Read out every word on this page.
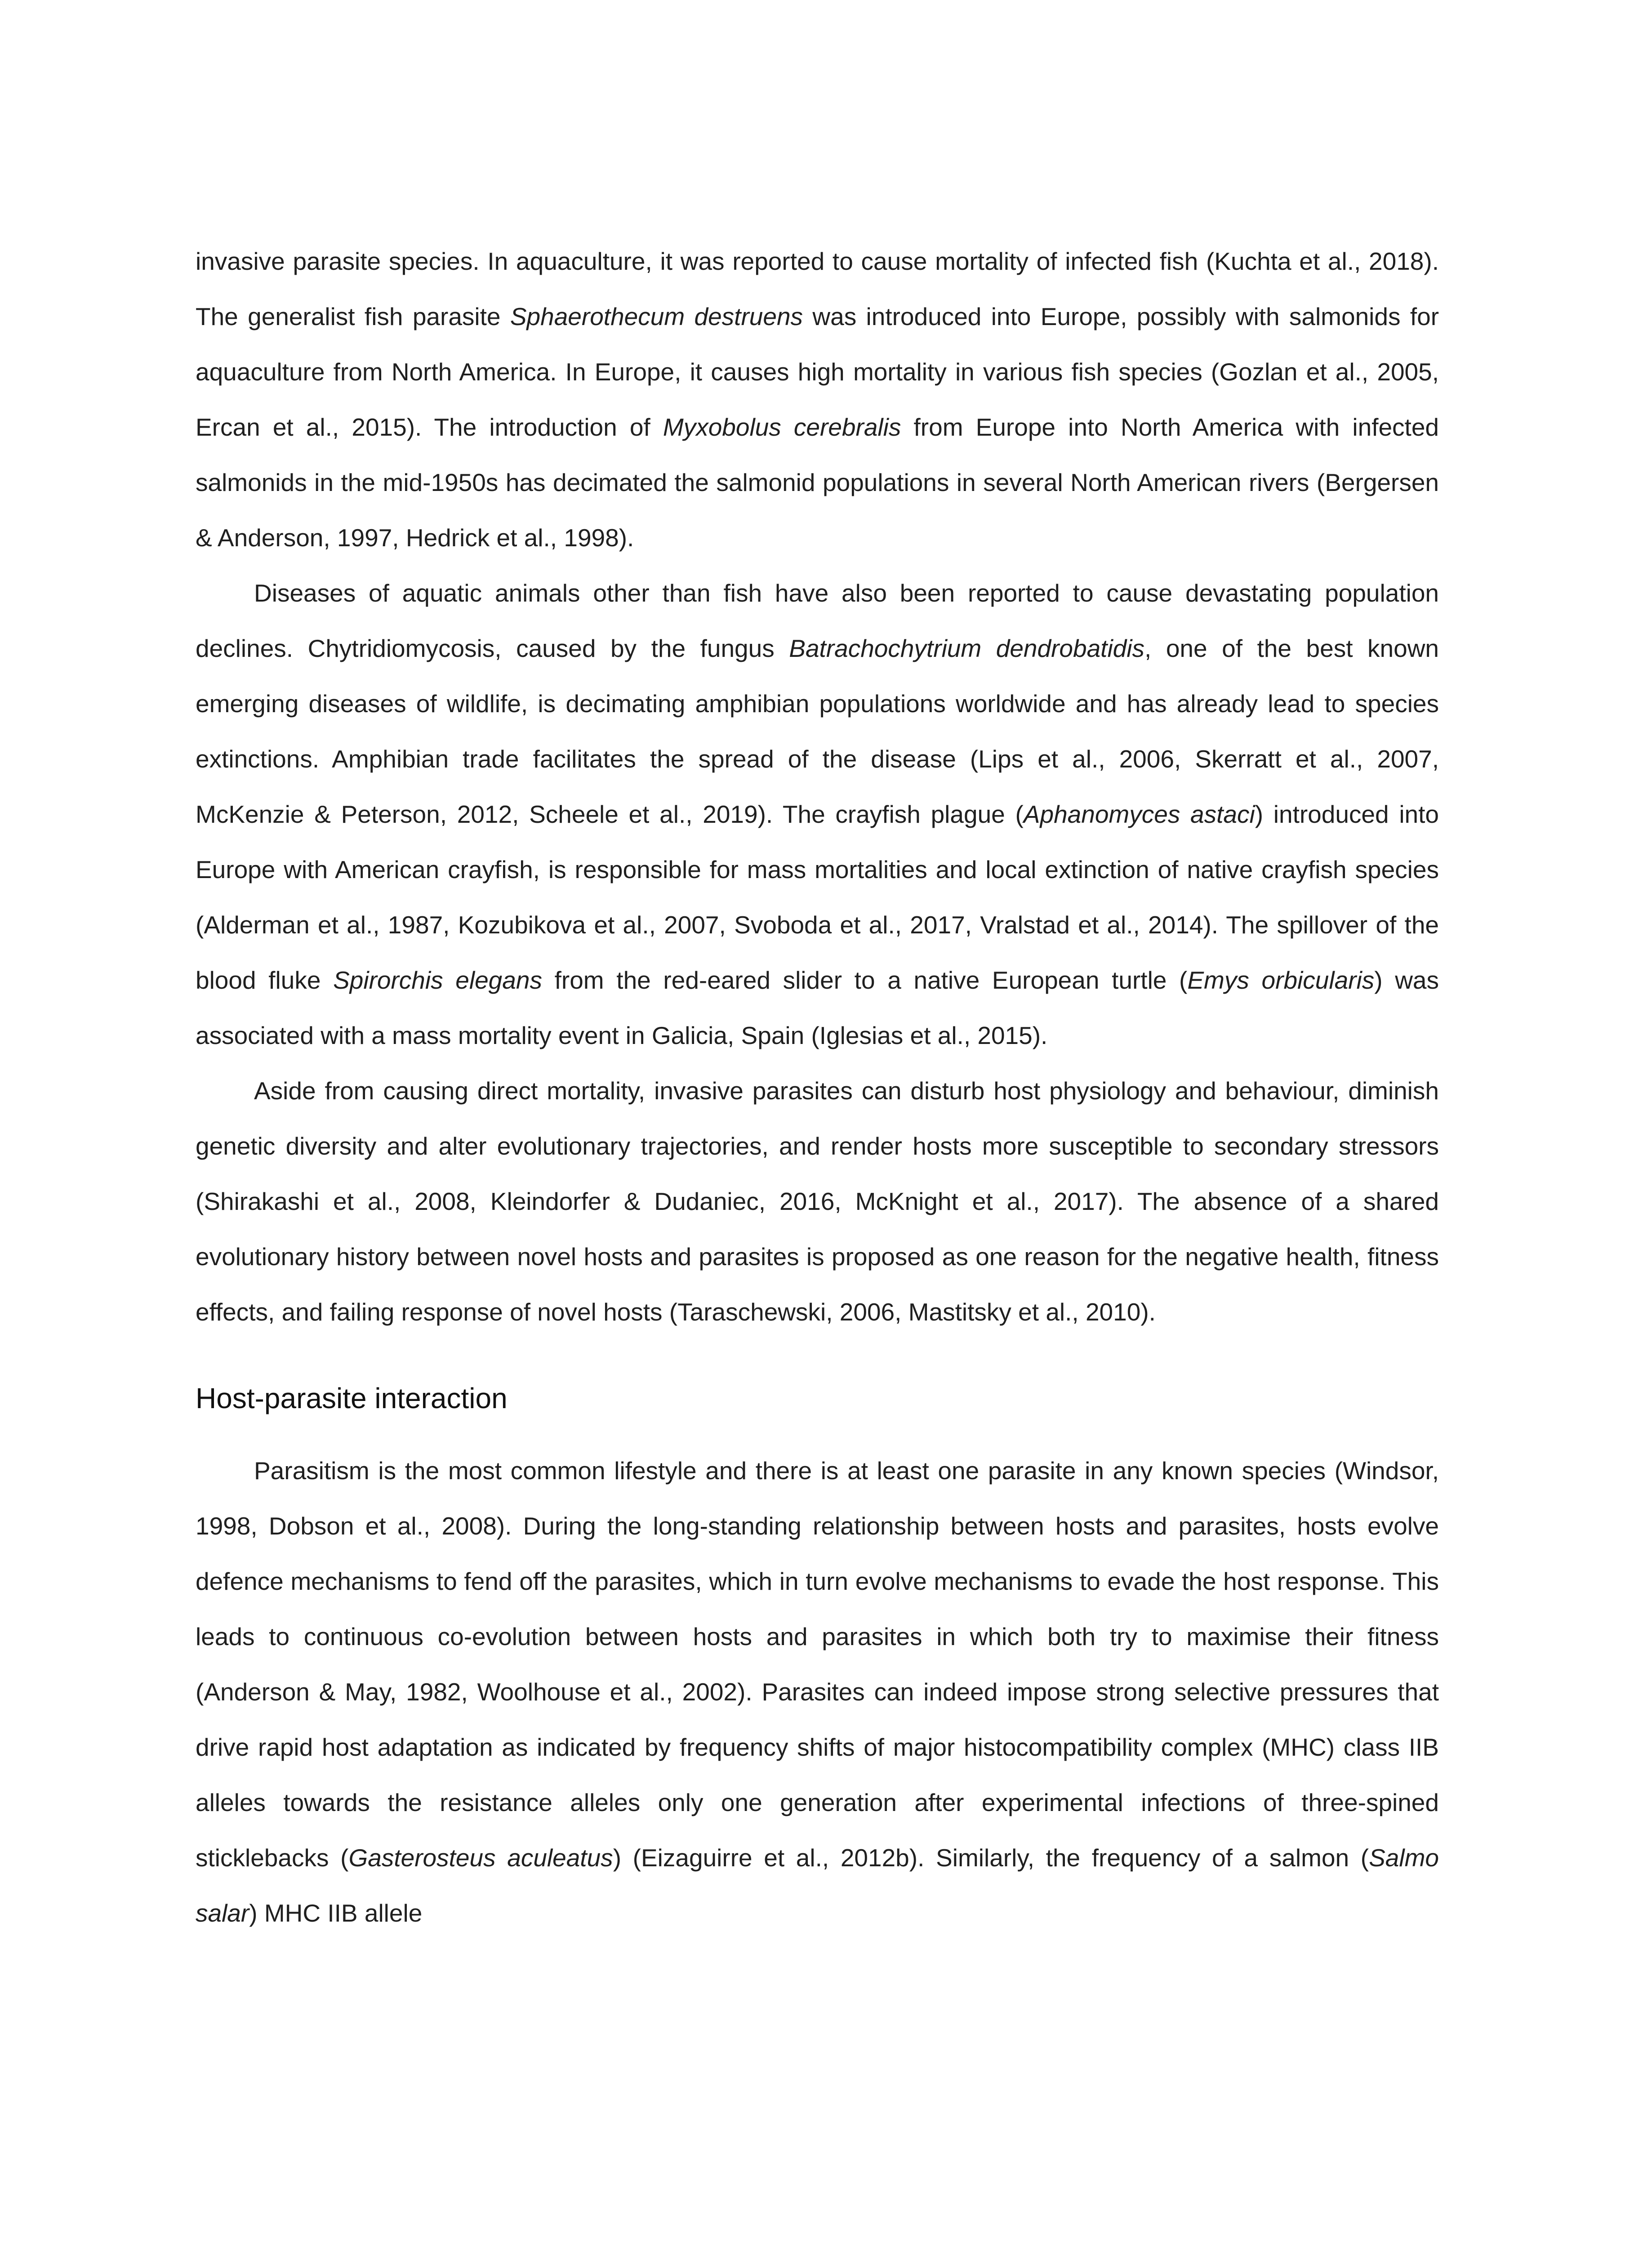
invasive parasite species. In aquaculture, it was reported to cause mortality of infected fish (Kuchta et al., 2018). The generalist fish parasite Sphaerothecum destruens was introduced into Europe, possibly with salmonids for aquaculture from North America. In Europe, it causes high mortality in various fish species (Gozlan et al., 2005, Ercan et al., 2015). The introduction of Myxobolus cerebralis from Europe into North America with infected salmonids in the mid-1950s has decimated the salmonid populations in several North American rivers (Bergersen & Anderson, 1997, Hedrick et al., 1998).

Diseases of aquatic animals other than fish have also been reported to cause devastating population declines. Chytridiomycosis, caused by the fungus Batrachochytrium dendrobatidis, one of the best known emerging diseases of wildlife, is decimating amphibian populations worldwide and has already lead to species extinctions. Amphibian trade facilitates the spread of the disease (Lips et al., 2006, Skerratt et al., 2007, McKenzie & Peterson, 2012, Scheele et al., 2019). The crayfish plague (Aphanomyces astaci) introduced into Europe with American crayfish, is responsible for mass mortalities and local extinction of native crayfish species (Alderman et al., 1987, Kozubikova et al., 2007, Svoboda et al., 2017, Vralstad et al., 2014). The spillover of the blood fluke Spirorchis elegans from the red-eared slider to a native European turtle (Emys orbicularis) was associated with a mass mortality event in Galicia, Spain (Iglesias et al., 2015).

Aside from causing direct mortality, invasive parasites can disturb host physiology and behaviour, diminish genetic diversity and alter evolutionary trajectories, and render hosts more susceptible to secondary stressors (Shirakashi et al., 2008, Kleindorfer & Dudaniec, 2016, McKnight et al., 2017). The absence of a shared evolutionary history between novel hosts and parasites is proposed as one reason for the negative health, fitness effects, and failing response of novel hosts (Taraschewski, 2006, Mastitsky et al., 2010).

Host-parasite interaction

Parasitism is the most common lifestyle and there is at least one parasite in any known species (Windsor, 1998, Dobson et al., 2008). During the long-standing relationship between hosts and parasites, hosts evolve defence mechanisms to fend off the parasites, which in turn evolve mechanisms to evade the host response. This leads to continuous co-evolution between hosts and parasites in which both try to maximise their fitness (Anderson & May, 1982, Woolhouse et al., 2002). Parasites can indeed impose strong selective pressures that drive rapid host adaptation as indicated by frequency shifts of major histocompatibility complex (MHC) class IIB alleles towards the resistance alleles only one generation after experimental infections of three-spined sticklebacks (Gasterosteus aculeatus) (Eizaguirre et al., 2012b). Similarly, the frequency of a salmon (Salmo salar) MHC IIB allele
